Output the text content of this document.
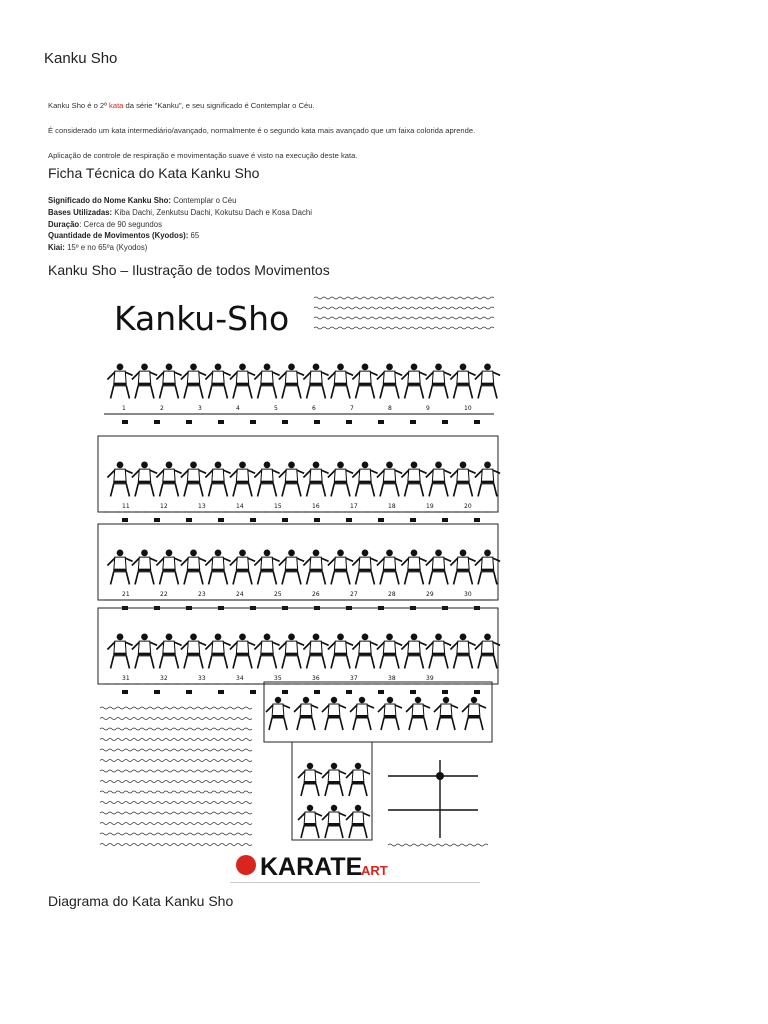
Kanku Sho

Kanku Sho é o 2º kata da série "Kanku", e seu significado é Contemplar o Céu.

É considerado um kata intermediário/avançado, normalmente é o segundo kata mais avançado que um faixa colorida aprende.

Aplicação de controle de respiração e movimentação suave é visto na execução deste kata.

Ficha Técnica do Kata Kanku Sho
Significado do Nome Kanku Sho: Contemplar o Céu
Bases Utilizadas: Kiba Dachi, Zenkutsu Dachi, Kokutsu Dach e Kosa Dachi
Duração: Cerca de 90 segundos
Quantidade de Movimentos (Kyodos): 65
Kiai: 15º e no 65ºa (Kyodos)
Kanku Sho – Ilustração de todos Movimentos
Kanku-Sho
1	2	3	4	5	6	7	8	9	10
11	12	13	14	15	16	17	18	19	20
21	22	23	24	25	26	27	28	29	30
31	32	33	34	35	36	37	38	39
KARATE
ART
Diagrama do Kata Kanku Sho
